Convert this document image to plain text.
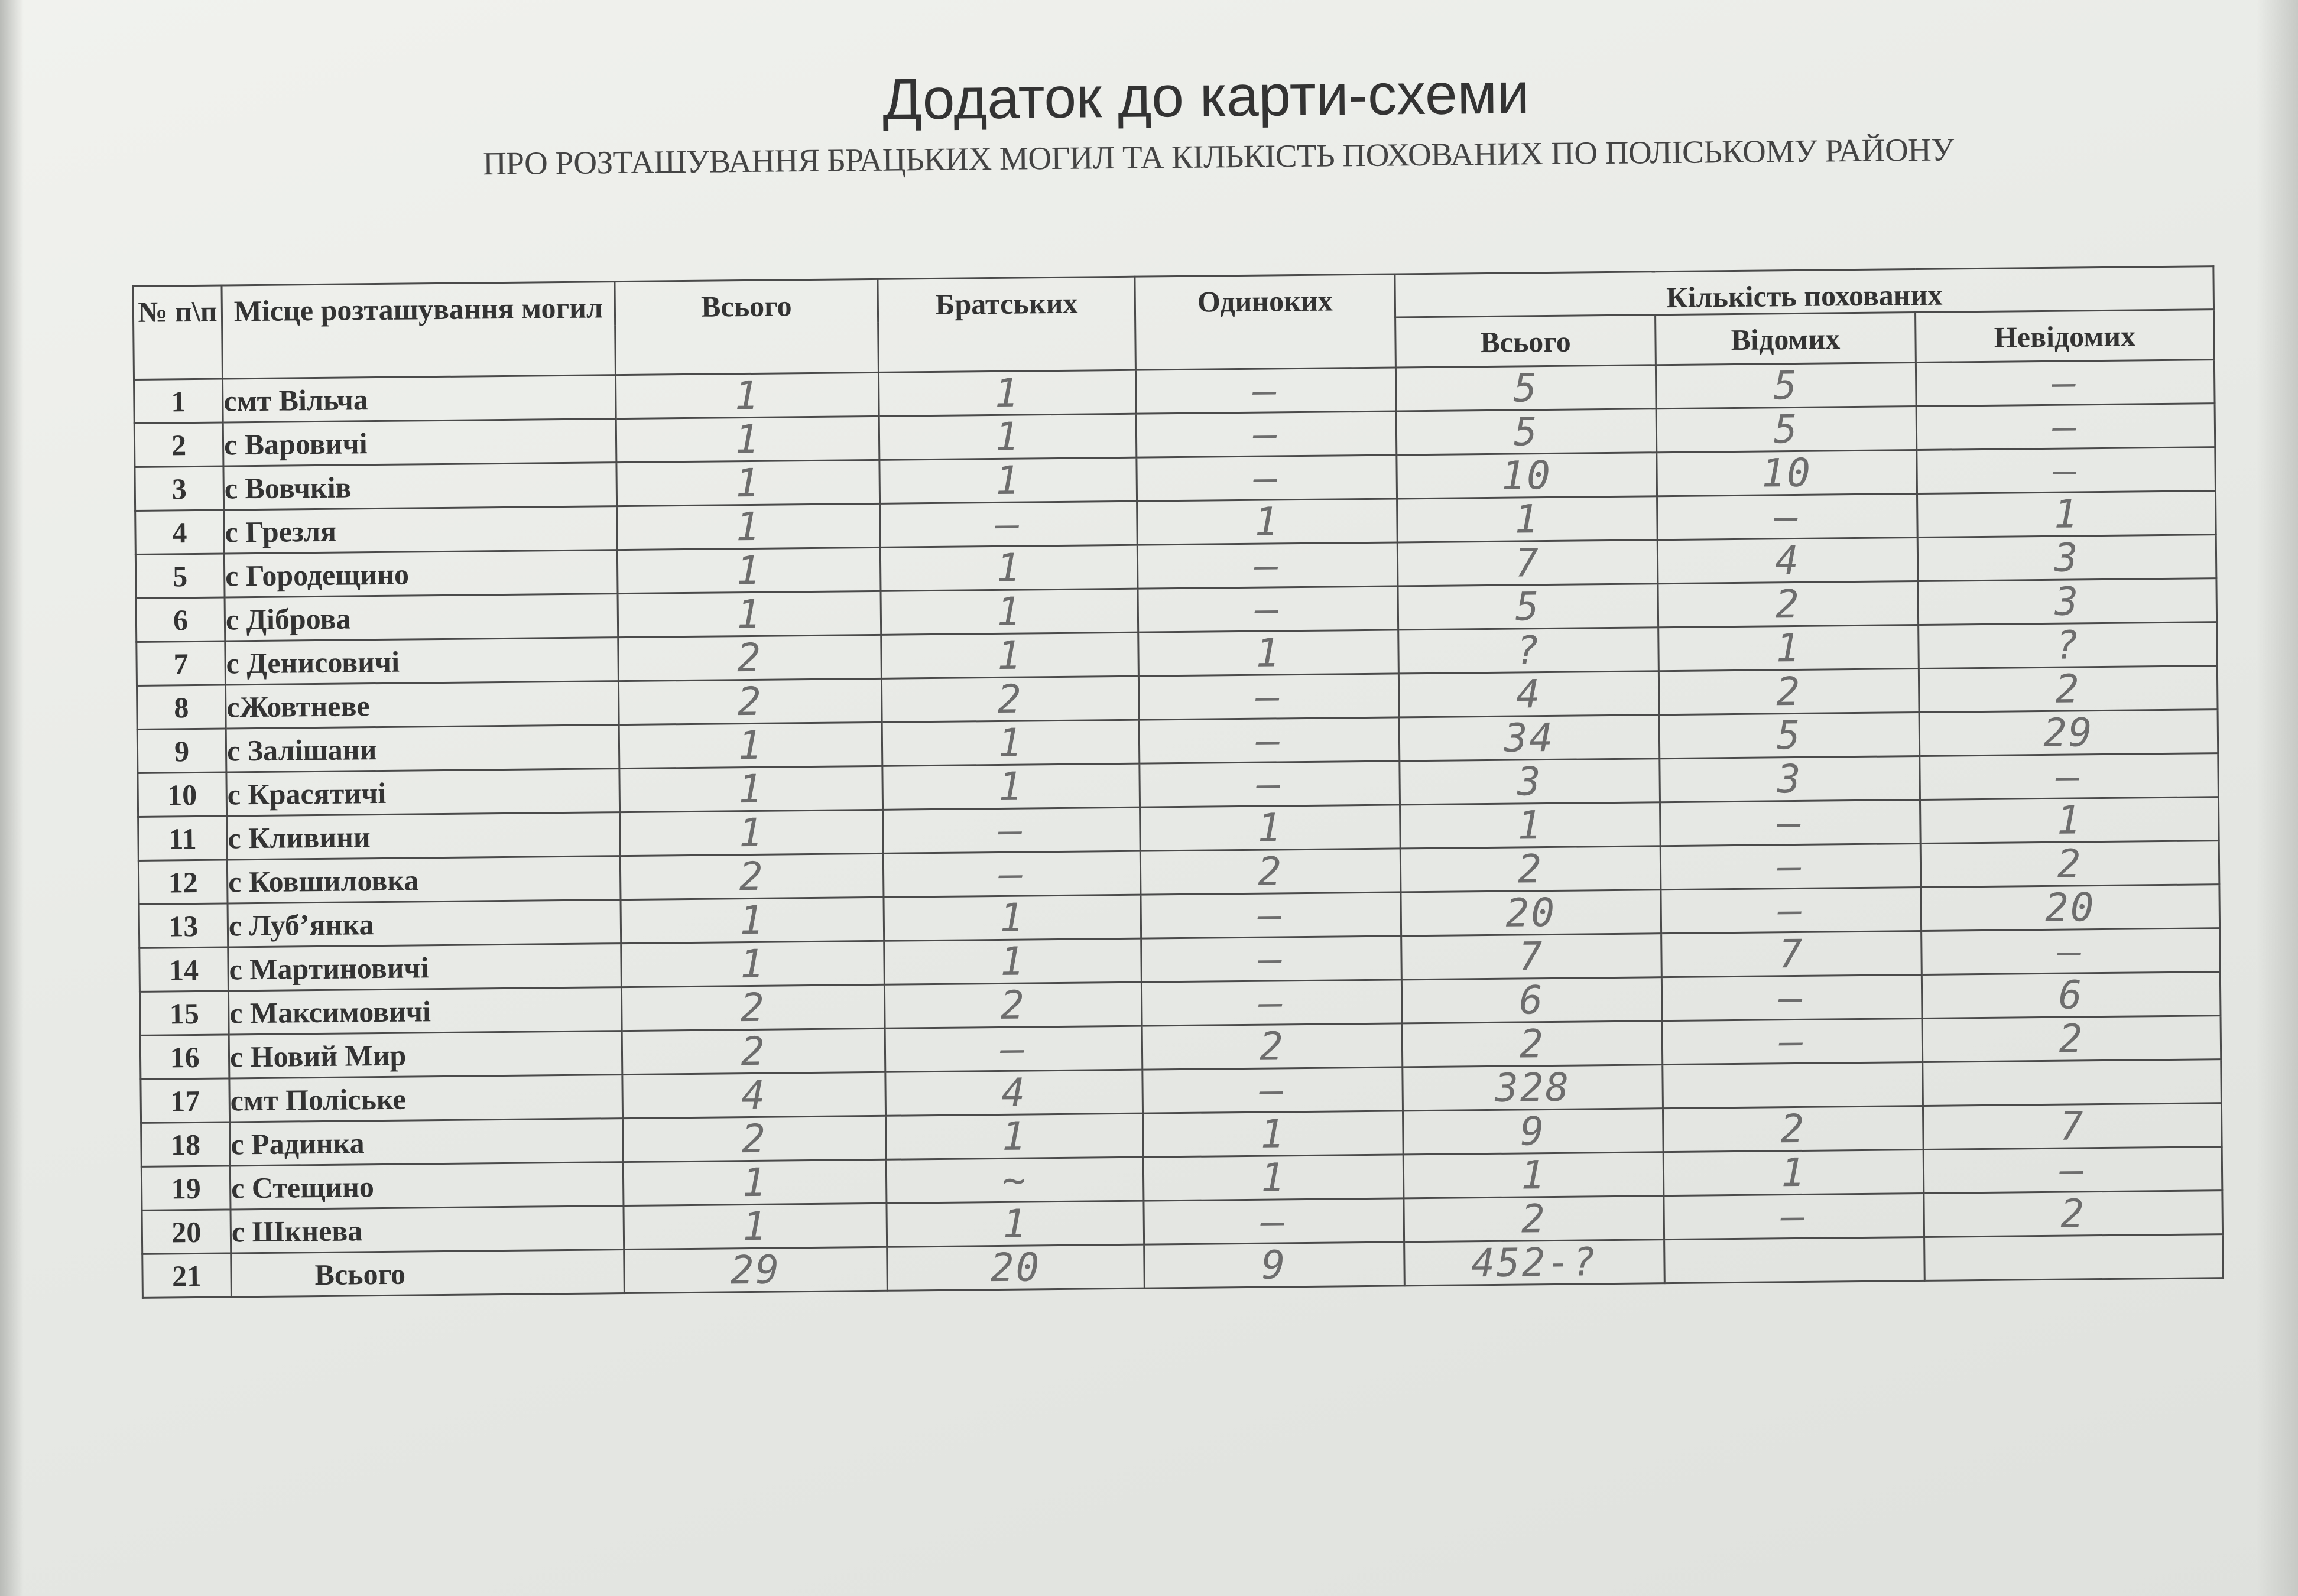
Додаток до карти-схеми
ПРО РОЗТАШУВАННЯ БРАЦЬКИХ МОГИЛ ТА КІЛЬКІСТЬ ПОХОВАНИХ ПО ПОЛІСЬКОМУ РАЙОНУ
№ п\п	Місце розташування могил	Всього	Братських	Одиноких	Кількість похованих		
					Всього	Відомих	Невідомих
1	смт Вільча	1	1	–	5	5	–
2	с Варовичі	1	1	–	5	5	–
3	с Вовчків	1	1	–	10	10	–
4	с Грезля	1	–	1	1	–	1
5	с Городещино	1	1	–	7	4	3
6	с Діброва	1	1	–	5	2	3
7	с Денисовичі	2	1	1	?	1	?
8	сЖовтневе	2	2	–	4	2	2
9	с Залішани	1	1	–	34	5	29
10	с Красятичі	1	1	–	3	3	–
11	с Кливини	1	–	1	1	–	1
12	с Ковшиловка	2	–	2	2	–	2
13	с Луб’янка	1	1	–	20	–	20
14	с Мартиновичі	1	1	–	7	7	–
15	с Максимовичі	2	2	–	6	–	6
16	с Новий Мир	2	–	2	2	–	2
17	смт Поліське	4	4	–	328		
18	с Радинка	2	1	1	9	2	7
19	с Стещино	1	~	1	1	1	–
20	с Шкнева	1	1	–	2	–	2
21	Всього	29	20	9	452-?		
